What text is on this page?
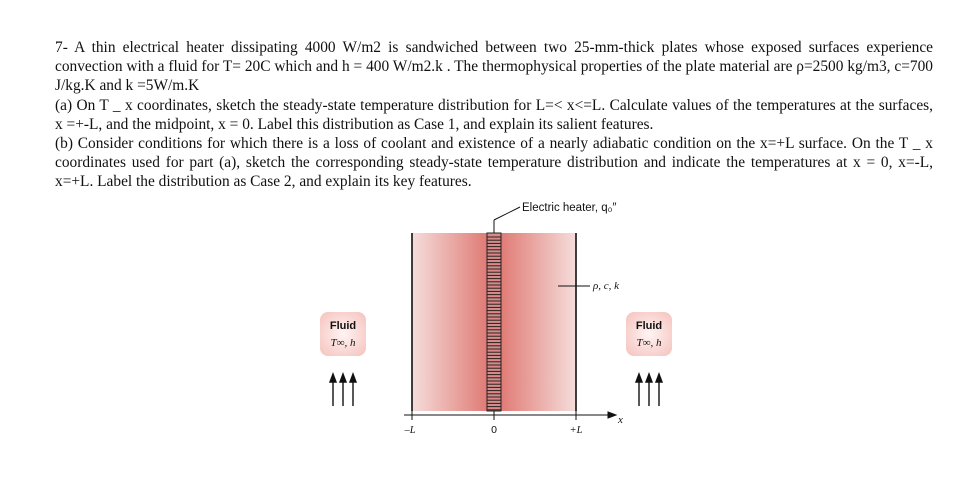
7- A thin electrical heater dissipating 4000 W/m2 is sandwiched between two 25-mm-thick plates whose exposed surfaces experience convection with a fluid for T= 20C which and h = 400 W/m2.k . The thermophysical properties of the plate material are ρ=2500 kg/m3, c=700 J/kg.K and k =5W/m.K

(a) On T _ x coordinates, sketch the steady-state temperature distribution for L=< x<=L. Calculate values of the temperatures at the surfaces, x =+-L, and the midpoint, x = 0. Label this distribution as Case 1, and explain its salient features.

(b) Consider conditions for which there is a loss of coolant and existence of a nearly adiabatic condition on the x=+L surface. On the T _ x coordinates used for part (a), sketch the corresponding steady-state temperature distribution and indicate the temperatures at x = 0, x=-L, x=+L. Label the distribution as Case 2, and explain its key features.

Electric heater, q₀″
ρ, c, k
Fluid
T∞, h
Fluid
T∞, h
–L	0	+L
x
